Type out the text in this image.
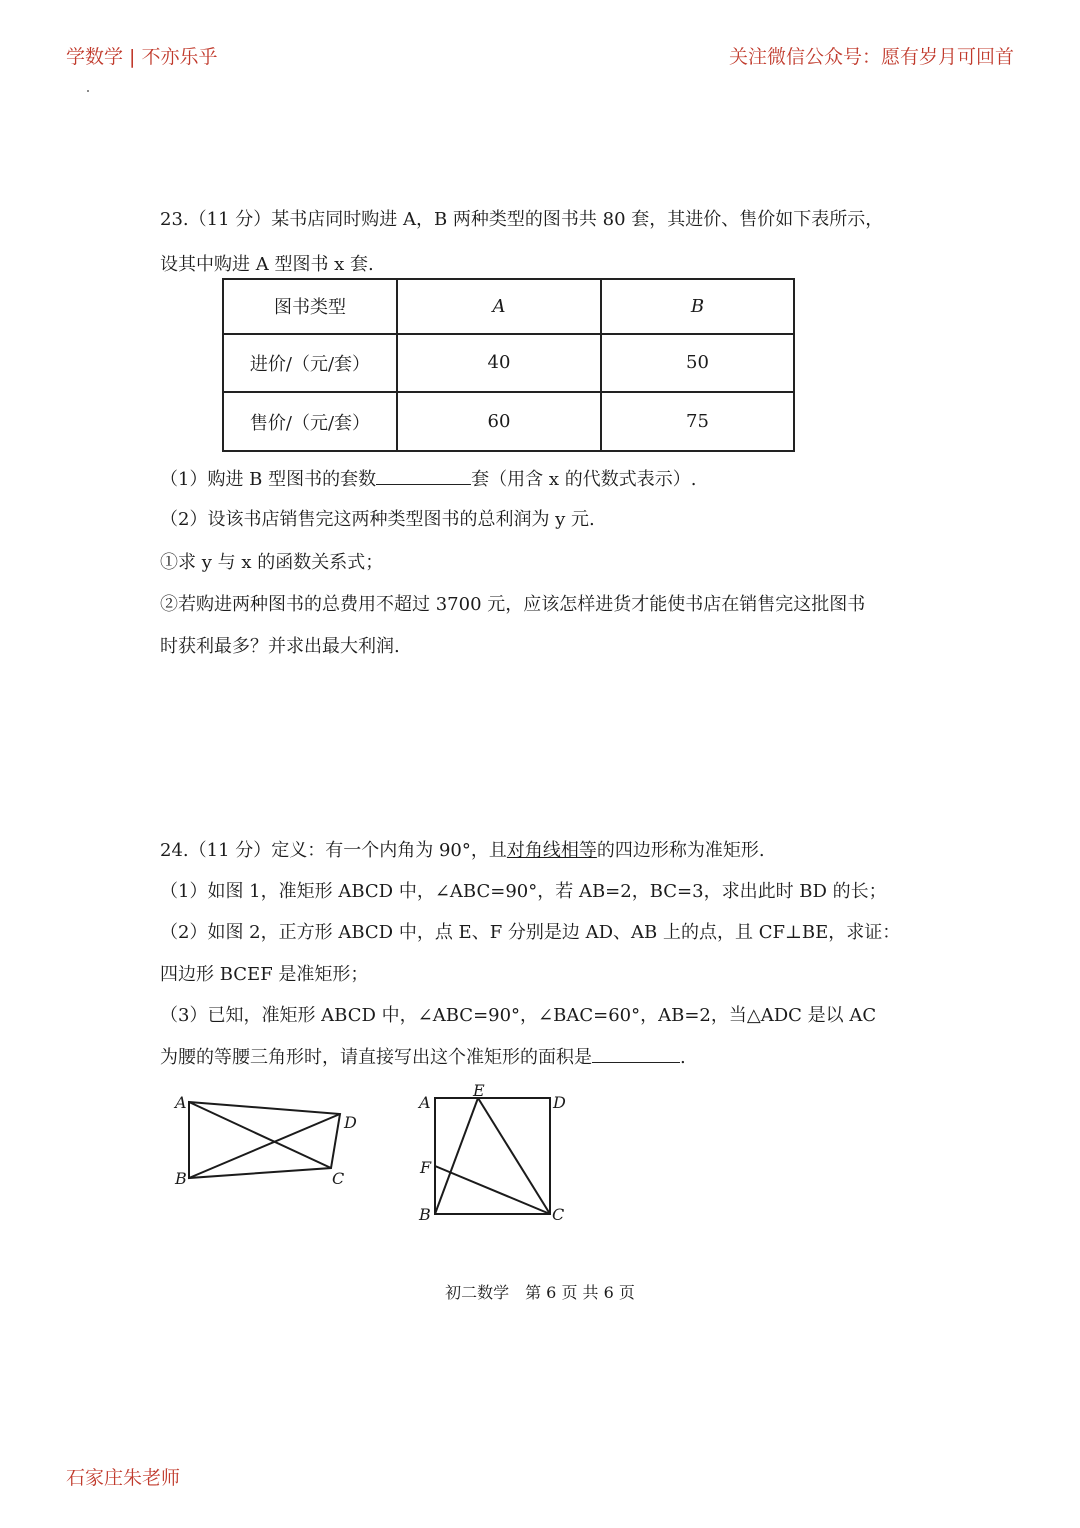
学数学 | 不亦乐乎	关注微信公众号：愿有岁月可回首
23.（11 分）某书店同时购进 A，B 两种类型的图书共 80 套，其进价、售价如下表所示，
设其中购进 A 型图书 x 套.
图书类型	A	B
进价/（元/套）	40	50
售价/（元/套）	60	75
（1）购进 B 型图书的套数	套（用含 x 的代数式表示）.
（2）设该书店销售完这两种类型图书的总利润为 y 元.
①求 y 与 x 的函数关系式；
②若购进两种图书的总费用不超过 3700 元，应该怎样进货才能使书店在销售完这批图书
时获利最多？并求出最大利润.
24.（11 分）定义：有一个内角为 90°，且对角线相等的四边形称为准矩形.
（1）如图 1，准矩形 ABCD 中，∠ABC=90°，若 AB=2，BC=3，求出此时 BD 的长；
（2）如图 2，正方形 ABCD 中，点 E、F 分别是边 AD、AB 上的点，且 CF⊥BE，求证：
四边形 BCEF 是准矩形；
（3）已知，准矩形 ABCD 中，∠ABC=90°，∠BAC=60°，AB=2，当△ADC 是以 AC
为腰的等腰三角形时，请直接写出这个准矩形的面积是	.
A
B	C
D
A
B	C
D
E
F
初二数学　第 6 页 共 6 页
石家庄朱老师
